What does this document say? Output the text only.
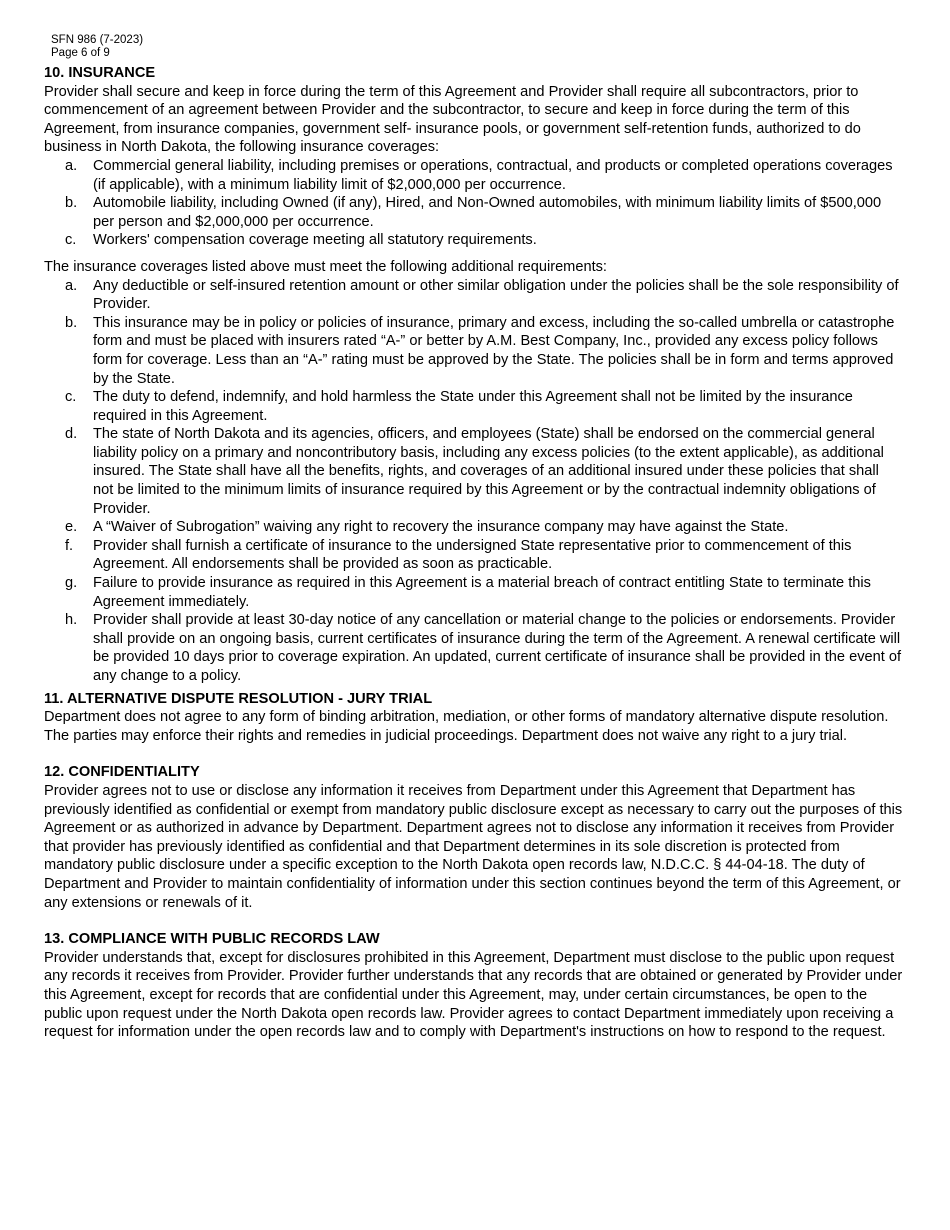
SFN 986 (7-2023)
Page 6 of 9

10. INSURANCE

Provider shall secure and keep in force during the term of this Agreement and Provider shall require all subcontractors, prior to commencement of an agreement between Provider and the subcontractor, to secure and keep in force during the term of this Agreement, from insurance companies, government self- insurance pools, or government self-retention funds, authorized to do business in North Dakota, the following insurance coverages:

a.	Commercial general liability, including premises or operations, contractual, and products or completed operations coverages (if applicable), with a minimum liability limit of $2,000,000 per occurrence.
b.	Automobile liability, including Owned (if any), Hired, and Non-Owned automobiles, with minimum liability limits of $500,000 per person and $2,000,000 per occurrence.
c.	Workers' compensation coverage meeting all statutory requirements.

The insurance coverages listed above must meet the following additional requirements:

a.	Any deductible or self-insured retention amount or other similar obligation under the policies shall be the sole responsibility of Provider.
b.	This insurance may be in policy or policies of insurance, primary and excess, including the so-called umbrella or catastrophe form and must be placed with insurers rated “A-” or better by A.M. Best Company, Inc., provided any excess policy follows form for coverage. Less than an “A-” rating must be approved by the State. The policies shall be in form and terms approved by the State.
c.	The duty to defend, indemnify, and hold harmless the State under this Agreement shall not be limited by the insurance required in this Agreement.
d.	The state of North Dakota and its agencies, officers, and employees (State) shall be endorsed on the commercial general liability policy on a primary and noncontributory basis, including any excess policies (to the extent applicable), as additional insured. The State shall have all the benefits, rights, and coverages of an additional insured under these policies that shall not be limited to the minimum limits of insurance required by this Agreement or by the contractual indemnity obligations of Provider.
e.	A “Waiver of Subrogation” waiving any right to recovery the insurance company may have against the State.
f.	Provider shall furnish a certificate of insurance to the undersigned State representative prior to commencement of this Agreement. All endorsements shall be provided as soon as practicable.
g.	Failure to provide insurance as required in this Agreement is a material breach of contract entitling State to terminate this Agreement immediately.
h.	Provider shall provide at least 30-day notice of any cancellation or material change to the policies or endorsements. Provider shall provide on an ongoing basis, current certificates of insurance during the term of the Agreement. A renewal certificate will be provided 10 days prior to coverage expiration. An updated, current certificate of insurance shall be provided in the event of any change to a policy.

11. ALTERNATIVE DISPUTE RESOLUTION - JURY TRIAL

Department does not agree to any form of binding arbitration, mediation, or other forms of mandatory alternative dispute resolution. The parties may enforce their rights and remedies in judicial proceedings. Department does not waive any right to a jury trial.

12. CONFIDENTIALITY

Provider agrees not to use or disclose any information it receives from Department under this Agreement that Department has previously identified as confidential or exempt from mandatory public disclosure except as necessary to carry out the purposes of this Agreement or as authorized in advance by Department. Department agrees not to disclose any information it receives from Provider that provider has previously identified as confidential and that Department determines in its sole discretion is protected from mandatory public disclosure under a specific exception to the North Dakota open records law, N.D.C.C. § 44-04-18. The duty of Department and Provider to maintain confidentiality of information under this section continues beyond the term of this Agreement, or any extensions or renewals of it.

13. COMPLIANCE WITH PUBLIC RECORDS LAW

Provider understands that, except for disclosures prohibited in this Agreement, Department must disclose to the public upon request any records it receives from Provider. Provider further understands that any records that are obtained or generated by Provider under this Agreement, except for records that are confidential under this Agreement, may, under certain circumstances, be open to the public upon request under the North Dakota open records law. Provider agrees to contact Department immediately upon receiving a request for information under the open records law and to comply with Department's instructions on how to respond to the request.
